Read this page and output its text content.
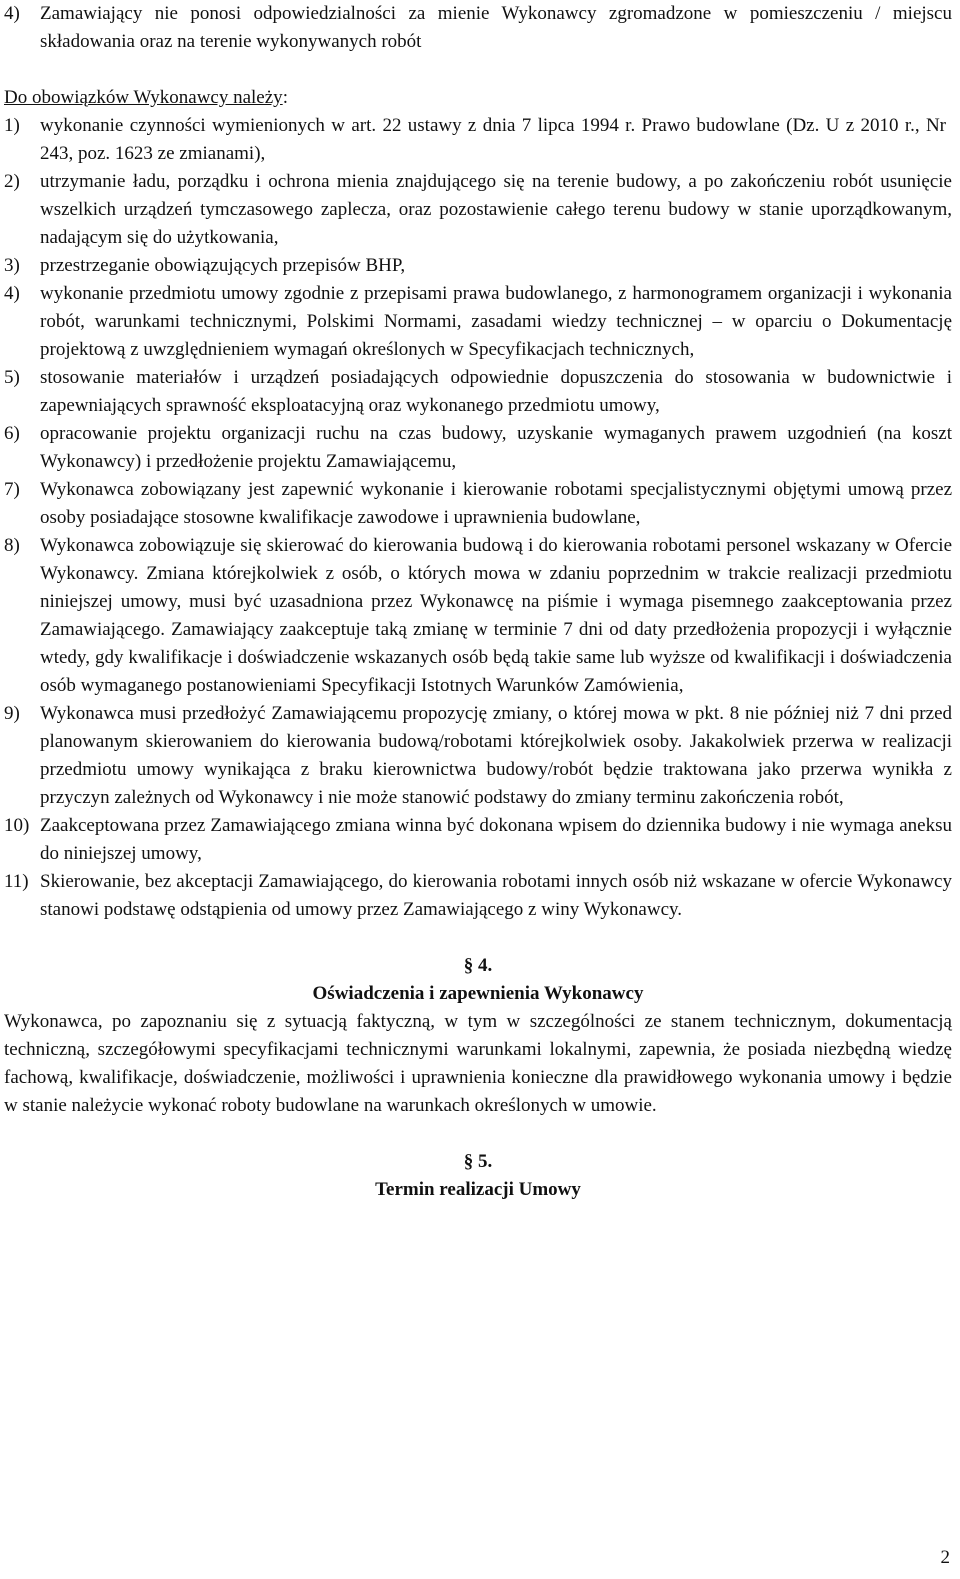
4) Zamawiający nie ponosi odpowiedzialności za mienie Wykonawcy zgromadzone w pomieszczeniu / miejscu składowania oraz na terenie wykonywanych robót

Do obowiązków Wykonawcy należy:

1) wykonanie czynności wymienionych w art. 22 ustawy z dnia 7 lipca 1994 r. Prawo budowlane (Dz. U z 2010 r., Nr 243, poz. 1623 ze zmianami),
2) utrzymanie ładu, porządku i ochrona mienia znajdującego się na terenie budowy, a po zakończeniu robót usunięcie wszelkich urządzeń tymczasowego zaplecza, oraz pozostawienie całego terenu budowy w stanie uporządkowanym, nadającym się do użytkowania,
3) przestrzeganie obowiązujących przepisów BHP,
4) wykonanie przedmiotu umowy zgodnie z przepisami prawa budowlanego, z harmonogramem organizacji i wykonania robót, warunkami technicznymi, Polskimi Normami, zasadami wiedzy technicznej – w oparciu o Dokumentację projektową z uwzględnieniem wymagań określonych w Specyfikacjach technicznych,
5) stosowanie materiałów i urządzeń posiadających odpowiednie dopuszczenia do stosowania w budownictwie i zapewniających sprawność eksploatacyjną oraz wykonanego przedmiotu umowy,
6) opracowanie projektu organizacji ruchu na czas budowy, uzyskanie wymaganych prawem uzgodnień (na koszt Wykonawcy) i przedłożenie projektu Zamawiającemu,
7) Wykonawca zobowiązany jest zapewnić wykonanie i kierowanie robotami specjalistycznymi objętymi umową przez osoby posiadające stosowne kwalifikacje zawodowe i uprawnienia budowlane,
8) Wykonawca zobowiązuje się skierować do kierowania budową i do kierowania robotami personel wskazany w Ofercie Wykonawcy. Zmiana którejkolwiek z osób, o których mowa w zdaniu poprzednim w trakcie realizacji przedmiotu niniejszej umowy, musi być uzasadniona przez Wykonawcę na piśmie i wymaga pisemnego zaakceptowania przez Zamawiającego. Zamawiający zaakceptuje taką zmianę w terminie 7 dni od daty przedłożenia propozycji i wyłącznie wtedy, gdy kwalifikacje i doświadczenie wskazanych osób będą takie same lub wyższe od kwalifikacji i doświadczenia osób wymaganego postanowieniami Specyfikacji Istotnych Warunków Zamówienia,
9) Wykonawca musi przedłożyć Zamawiającemu propozycję zmiany, o której mowa w pkt. 8 nie później niż 7 dni przed planowanym skierowaniem do kierowania budową/robotami którejkolwiek osoby. Jakakolwiek przerwa w realizacji przedmiotu umowy wynikająca z braku kierownictwa budowy/robót będzie traktowana jako przerwa wynikła z przyczyn zależnych od Wykonawcy i nie może stanowić podstawy do zmiany terminu zakończenia robót,
10) Zaakceptowana przez Zamawiającego zmiana winna być dokonana wpisem do dziennika budowy i nie wymaga aneksu do niniejszej umowy,
11) Skierowanie, bez akceptacji Zamawiającego, do kierowania robotami innych osób niż wskazane w ofercie Wykonawcy stanowi podstawę odstąpienia od umowy przez Zamawiającego z winy Wykonawcy.

§ 4.

Oświadczenia i zapewnienia Wykonawcy

Wykonawca, po zapoznaniu się z sytuacją faktyczną, w tym w szczególności ze stanem technicznym, dokumentacją techniczną, szczegółowymi specyfikacjami technicznymi warunkami lokalnymi, zapewnia, że posiada niezbędną wiedzę fachową, kwalifikacje, doświadczenie, możliwości i uprawnienia konieczne dla prawidłowego wykonania umowy i będzie w stanie należycie wykonać roboty budowlane na warunkach określonych w umowie.

§ 5.

Termin realizacji Umowy

2
